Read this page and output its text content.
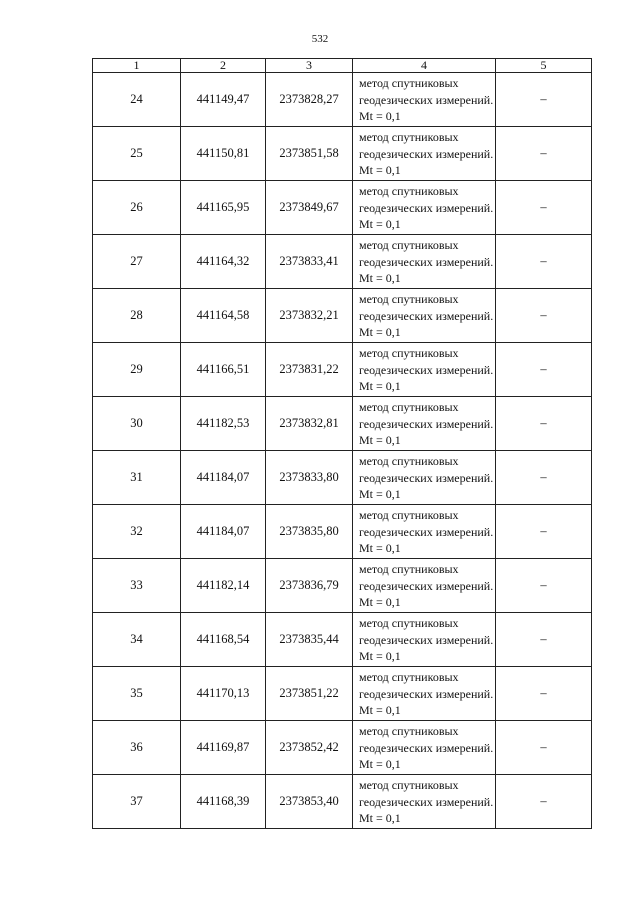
532
1	2	3	4	5
24	441149,47	2373828,27	метод спутниковых геодезических измерений. Mt = 0,1	–
25	441150,81	2373851,58	метод спутниковых геодезических измерений. Mt = 0,1	–
26	441165,95	2373849,67	метод спутниковых геодезических измерений. Mt = 0,1	–
27	441164,32	2373833,41	метод спутниковых геодезических измерений. Mt = 0,1	–
28	441164,58	2373832,21	метод спутниковых геодезических измерений. Mt = 0,1	–
29	441166,51	2373831,22	метод спутниковых геодезических измерений. Mt = 0,1	–
30	441182,53	2373832,81	метод спутниковых геодезических измерений. Mt = 0,1	–
31	441184,07	2373833,80	метод спутниковых геодезических измерений. Mt = 0,1	–
32	441184,07	2373835,80	метод спутниковых геодезических измерений. Mt = 0,1	–
33	441182,14	2373836,79	метод спутниковых геодезических измерений. Mt = 0,1	–
34	441168,54	2373835,44	метод спутниковых геодезических измерений. Mt = 0,1	–
35	441170,13	2373851,22	метод спутниковых геодезических измерений. Mt = 0,1	–
36	441169,87	2373852,42	метод спутниковых геодезических измерений. Mt = 0,1	–
37	441168,39	2373853,40	метод спутниковых геодезических измерений. Mt = 0,1	–
